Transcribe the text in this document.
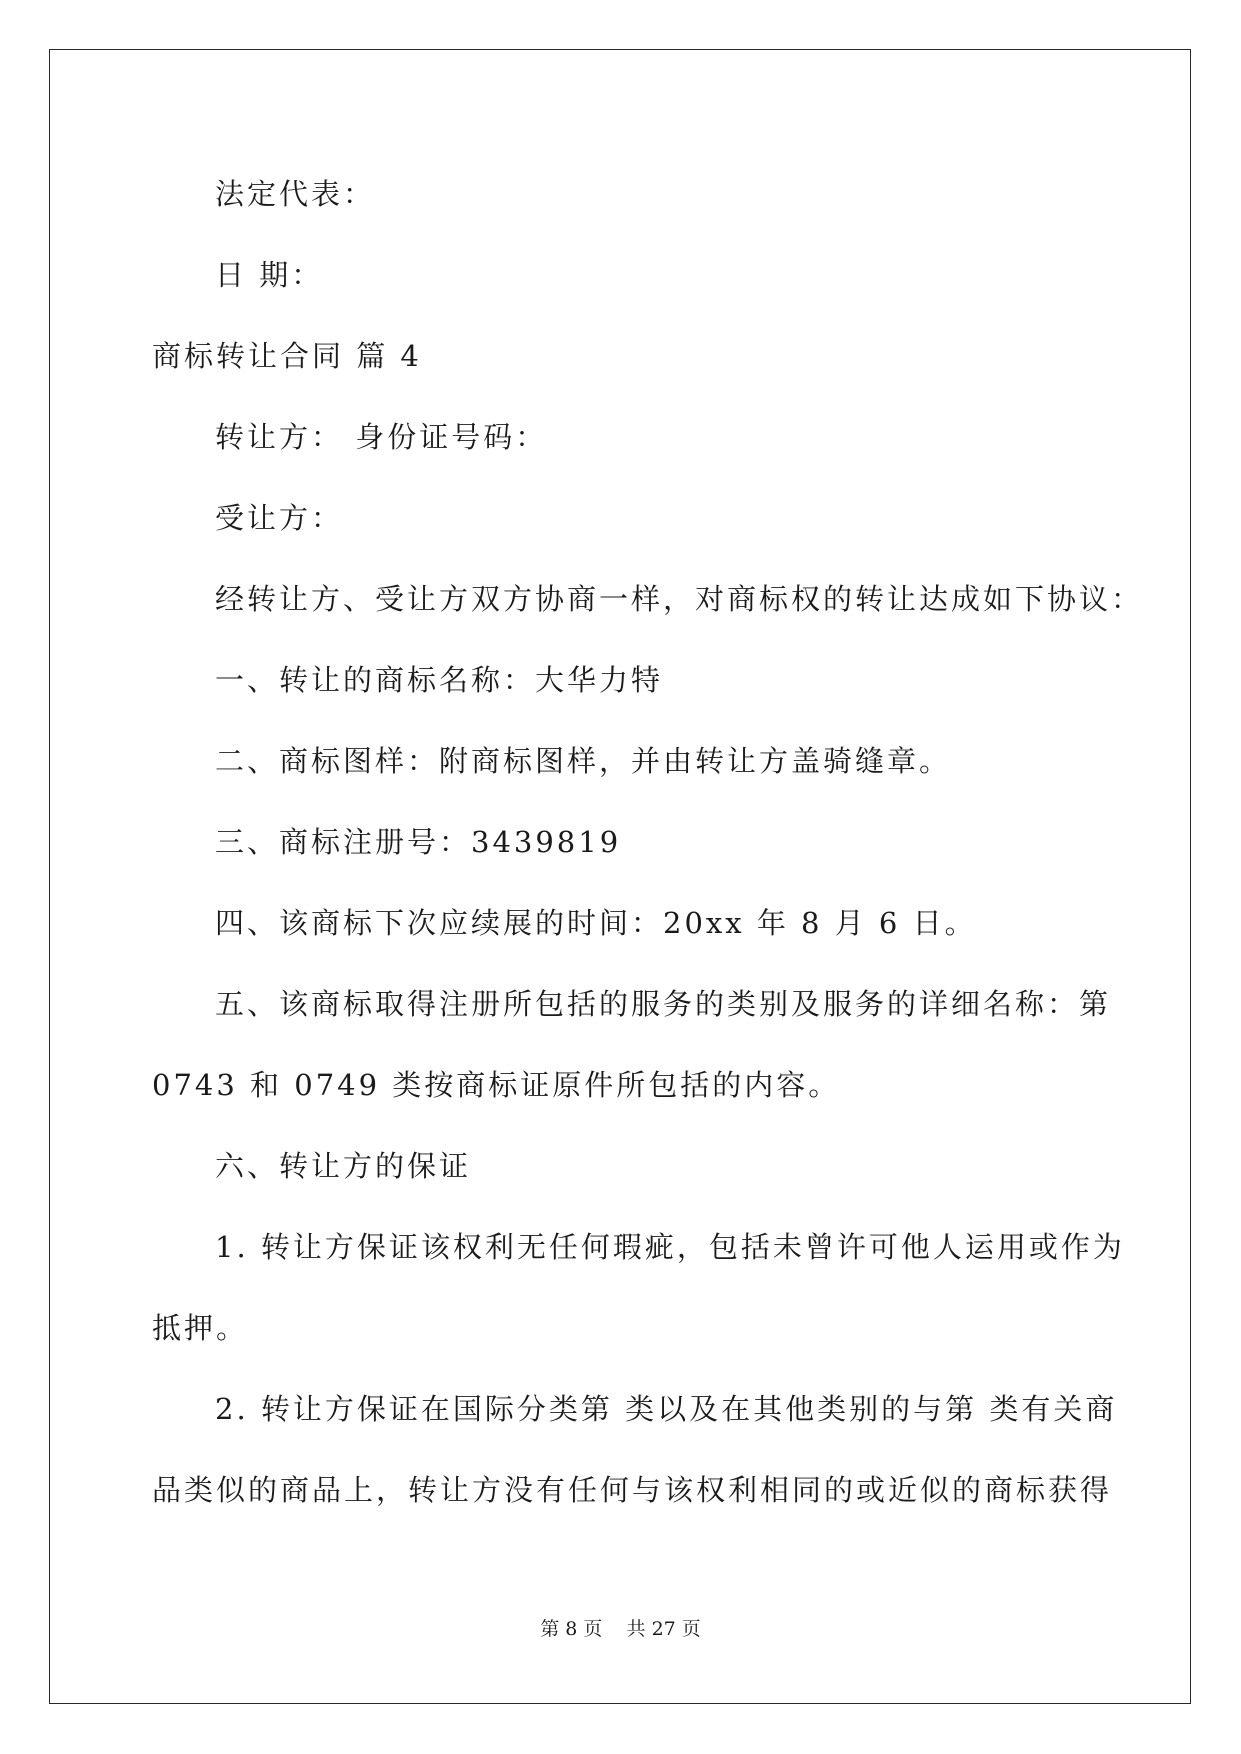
法定代表：
日 期：
商标转让合同 篇 4
转让方： 身份证号码：
受让方：
经转让方、受让方双方协商一样，对商标权的转让达成如下协议：
一、转让的商标名称：大华力特
二、商标图样：附商标图样，并由转让方盖骑缝章。
三、商标注册号：3439819
四、该商标下次应续展的时间：20xx 年 8 月 6 日。
五、该商标取得注册所包括的服务的类别及服务的详细名称：第
0743 和 0749 类按商标证原件所包括的内容。
六、转让方的保证
1. 转让方保证该权利无任何瑕疵，包括未曾许可他人运用或作为
抵押。
2. 转让方保证在国际分类第 类以及在其他类别的与第 类有关商
品类似的商品上，转让方没有任何与该权利相同的或近似的商标获得
第 8 页    共 27 页
